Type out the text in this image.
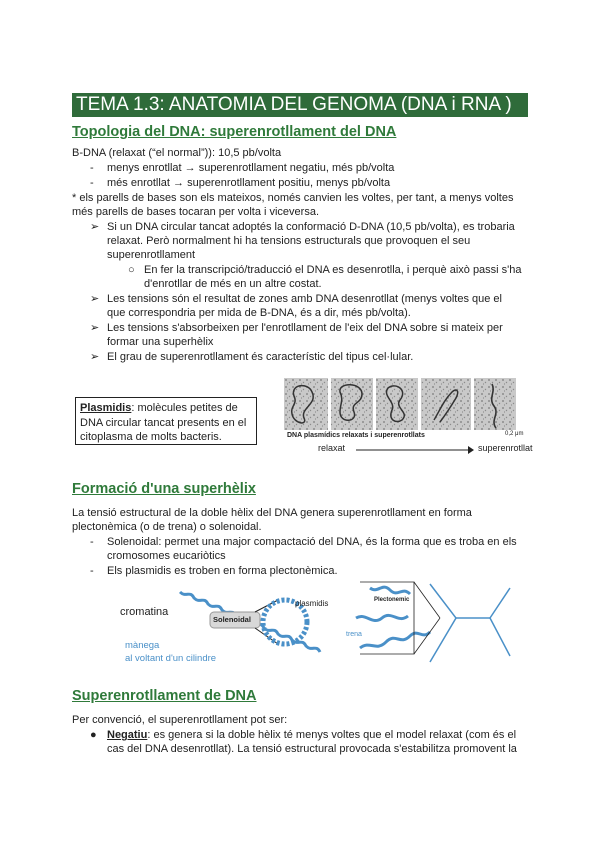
TEMA 1.3: ANATOMIA DEL GENOMA (DNA i RNA )
Topologia del DNA: superenrotllament del DNA
B-DNA (relaxat (“el normal”)): 10,5 pb/volta
- menys enrotllat → superenrotllament negatiu, més pb/volta
- més enrotllat → superenrotllament positiu, menys pb/volta
* els parells de bases son els mateixos, només canvien les voltes, per tant, a menys voltes
més parells de bases tocaran per volta i viceversa.
➢ Si un DNA circular tancat adoptés la conformació D-DNA (10,5 pb/volta), es trobaria
relaxat. Però normalment hi ha tensions estructurals que provoquen el seu
superenrotllament
○ En fer la transcripció/traducció el DNA es desenrotlla, i perquè això passi s'ha
d'enrotllar de més en un altre costat.
➢ Les tensions són el resultat de zones amb DNA desenrotllat (menys voltes que el
que correspondria per mida de B-DNA, és a dir, més pb/volta).
➢ Les tensions s'absorbeixen per l'enrotllament de l'eix del DNA sobre si mateix per
formar una superhèlix
➢ El grau de superenrotllament és característic del tipus cel·lular.
Plasmidis: molècules petites de
DNA circular tancat presents en el
citoplasma de molts bacteris.	DNA plasmídics relaxats i superenrotllats	0,2 μm
relaxat	superenrotllat
Formació d'una superhèlix
La tensió estructural de la doble hèlix del DNA genera superenrotllament en forma
plectonèmica (o de trena) o solenoidal.
- Solenoidal: permet una major compactació del DNA, és la forma que es troba en els
cromosomes eucariòtics
- Els plasmidis es troben en forma plectonèmica.
cromatina
Solenoidal
mànega
al voltant d'un cilindre
plasmidis	Plectonemic
trena
Superenrotllament de DNA
Per convenció, el superenrotllament pot ser:
● Negatiu: es genera si la doble hèlix té menys voltes que el model relaxat (com és el
cas del DNA desenrotllat). La tensió estructural provocada s'estabilitza promovent la
